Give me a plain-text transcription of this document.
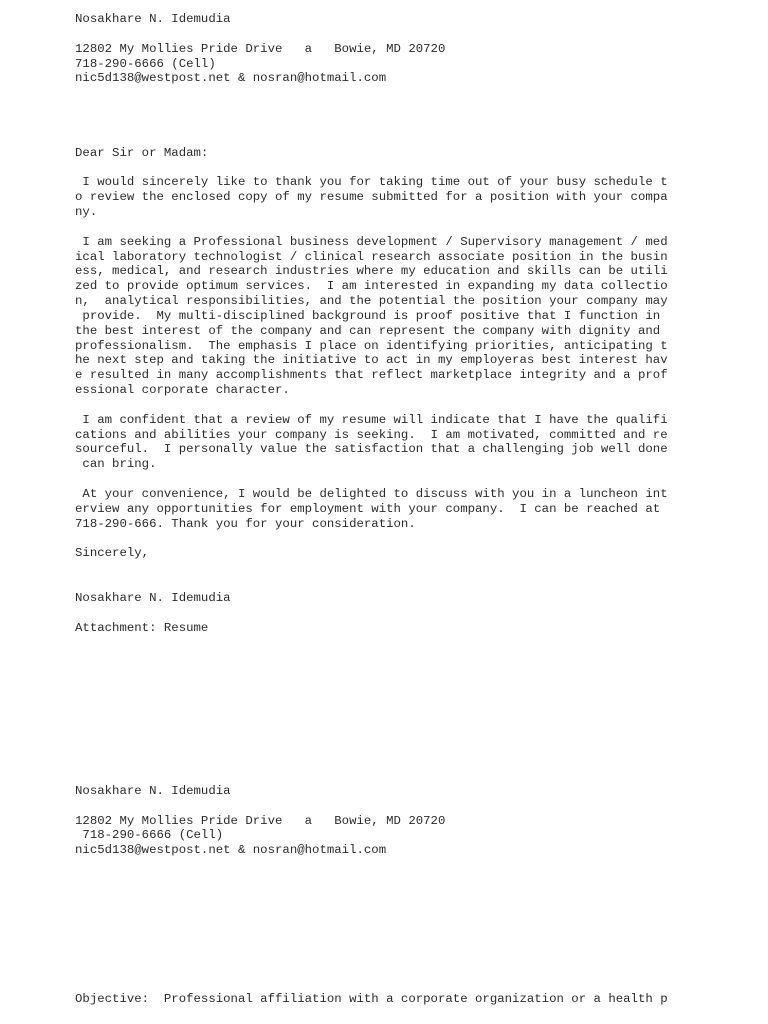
Nosakhare N. Idemudia
12802 My Mollies Pride Drive   a   Bowie, MD 20720
718-290-6666 (Cell)
nic5d138@westpost.net & nosran@hotmail.com
Dear Sir or Madam:
I would sincerely like to thank you for taking time out of your busy schedule t
o review the enclosed copy of my resume submitted for a position with your compa
ny.
I am seeking a Professional business development / Supervisory management / med
ical laboratory technologist / clinical research associate position in the busin
ess, medical, and research industries where my education and skills can be utili
zed to provide optimum services.  I am interested in expanding my data collectio
n,  analytical responsibilities, and the potential the position your company may
provide.  My multi-disciplined background is proof positive that I function in
the best interest of the company and can represent the company with dignity and
professionalism.  The emphasis I place on identifying priorities, anticipating t
he next step and taking the initiative to act in my employeras best interest hav
e resulted in many accomplishments that reflect marketplace integrity and a prof
essional corporate character.
I am confident that a review of my resume will indicate that I have the qualifi
cations and abilities your company is seeking.  I am motivated, committed and re
sourceful.  I personally value the satisfaction that a challenging job well done
can bring.
At your convenience, I would be delighted to discuss with you in a luncheon int
erview any opportunities for employment with your company.  I can be reached at
718-290-666. Thank you for your consideration.
Sincerely,
Nosakhare N. Idemudia
Attachment: Resume
Nosakhare N. Idemudia
12802 My Mollies Pride Drive   a   Bowie, MD 20720
718-290-6666 (Cell)
nic5d138@westpost.net & nosran@hotmail.com
Objective:  Professional affiliation with a corporate organization or a health p
